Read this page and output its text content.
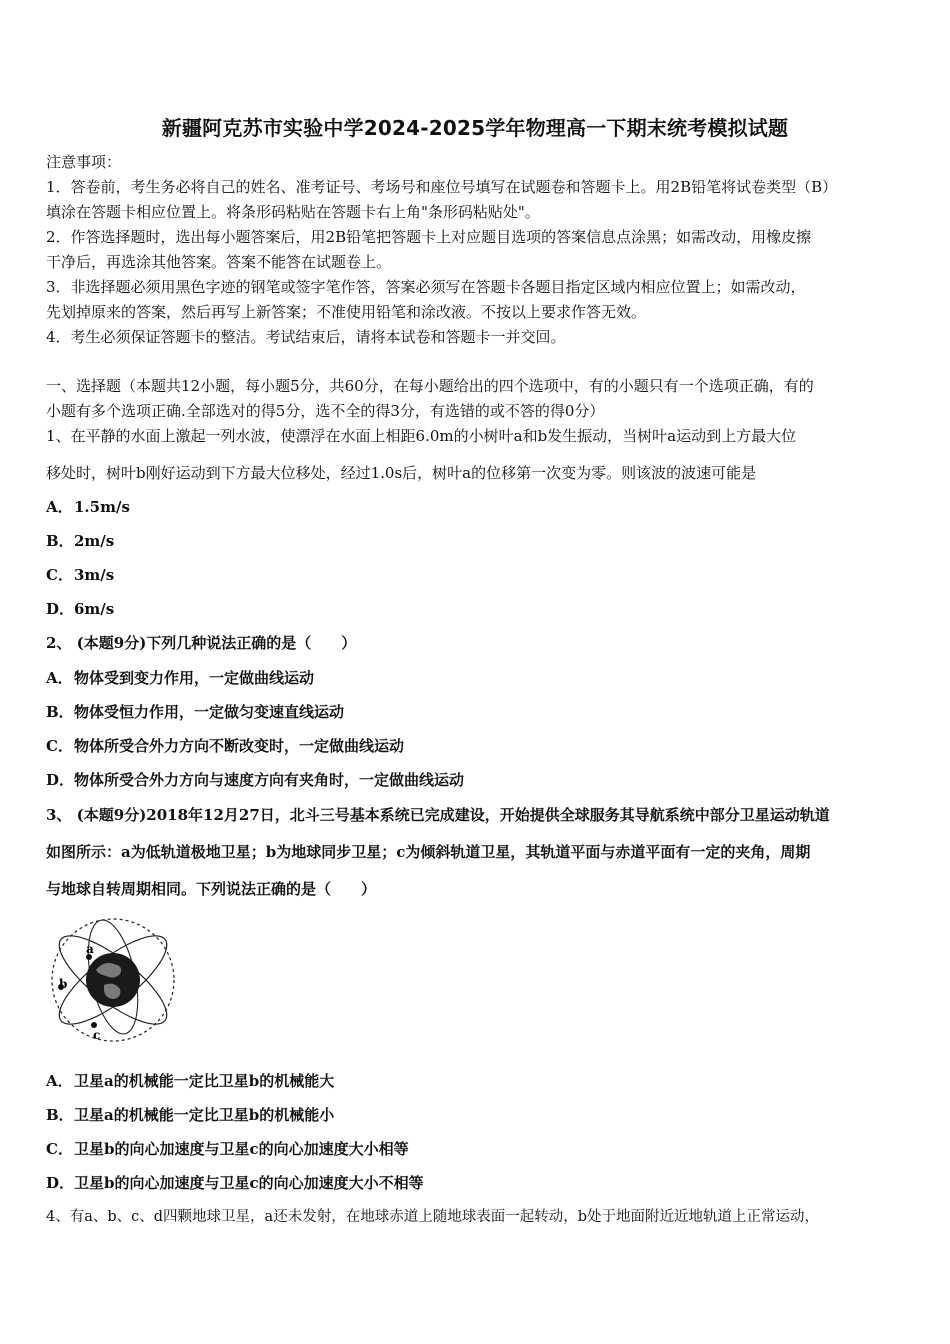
新疆阿克苏市实验中学2024-2025学年物理高一下期末统考模拟试题
注意事项：
1．答卷前，考生务必将自己的姓名、准考证号、考场号和座位号填写在试题卷和答题卡上。用2B铅笔将试卷类型（B）
填涂在答题卡相应位置上。将条形码粘贴在答题卡右上角"条形码粘贴处"。
2．作答选择题时，选出每小题答案后，用2B铅笔把答题卡上对应题目选项的答案信息点涂黑；如需改动，用橡皮擦
干净后，再选涂其他答案。答案不能答在试题卷上。
3．非选择题必须用黑色字迹的钢笔或签字笔作答，答案必须写在答题卡各题目指定区域内相应位置上；如需改动，
先划掉原来的答案，然后再写上新答案；不准使用铅笔和涂改液。不按以上要求作答无效。
4．考生必须保证答题卡的整洁。考试结束后，请将本试卷和答题卡一并交回。
一、选择题（本题共12小题，每小题5分，共60分，在每小题给出的四个选项中，有的小题只有一个选项正确，有的
小题有多个选项正确.全部选对的得5分，选不全的得3分，有选错的或不答的得0分）
1、在平静的水面上激起一列水波，使漂浮在水面上相距6.0m的小树叶a和b发生振动，当树叶a运动到上方最大位
移处时，树叶b刚好运动到下方最大位移处，经过1.0s后，树叶a的位移第一次变为零。则该波的波速可能是
A．1.5m/s
B．2m/s
C．3m/s
D．6m/s
2、 (本题9分)下列几种说法正确的是（　　）
A．物体受到变力作用，一定做曲线运动
B．物体受恒力作用，一定做匀变速直线运动
C．物体所受合外力方向不断改变时，一定做曲线运动
D．物体所受合外力方向与速度方向有夹角时，一定做曲线运动
3、 (本题9分)2018年12月27日，北斗三号基本系统已完成建设，开始提供全球服务其导航系统中部分卫星运动轨道
如图所示：a为低轨道极地卫星；b为地球同步卫星；c为倾斜轨道卫星，其轨道平面与赤道平面有一定的夹角，周期
与地球自转周期相同。下列说法正确的是（　　）
a
b
c
A．卫星a的机械能一定比卫星b的机械能大
B．卫星a的机械能一定比卫星b的机械能小
C．卫星b的向心加速度与卫星c的向心加速度大小相等
D．卫星b的向心加速度与卫星c的向心加速度大小不相等
4、有a、b、c、d四颗地球卫星，a还未发射，在地球赤道上随地球表面一起转动，b处于地面附近近地轨道上正常运动，
